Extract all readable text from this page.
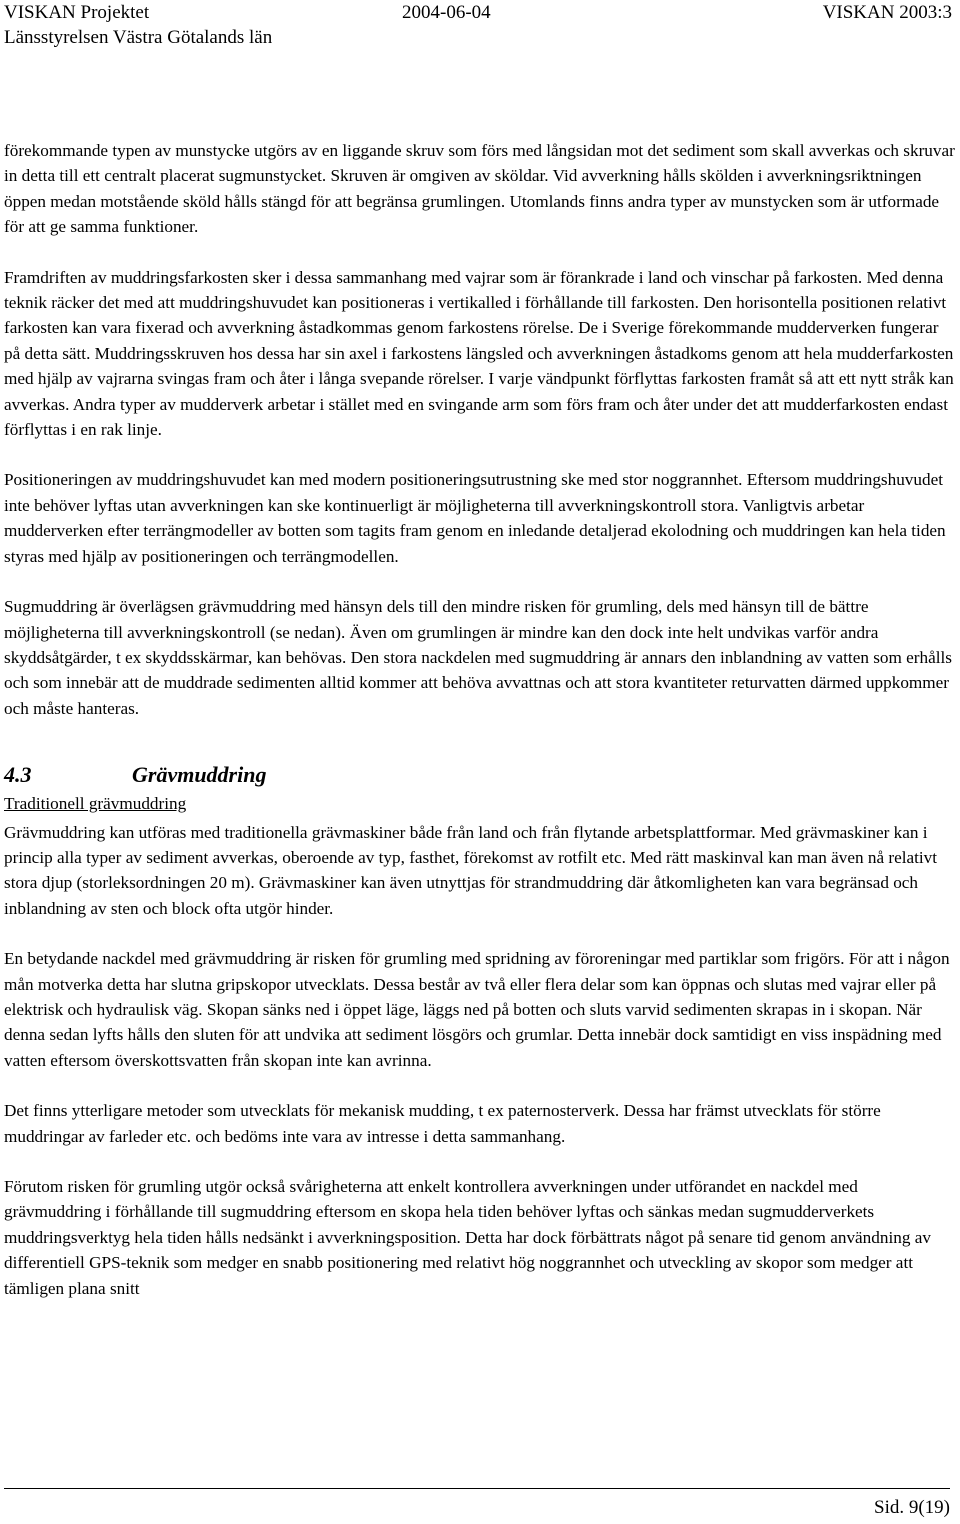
VISKAN Projektet	VISKAN 2003:3
2004-06-04
Länsstyrelsen Västra Götalands län

förekommande typen av munstycke utgörs av en liggande skruv som förs med långsidan mot det sediment som skall avverkas och skruvar in detta till ett centralt placerat sugmunstycket. Skruven är omgiven av sköldar. Vid avverkning hålls skölden i avverkningsriktningen öppen medan motstående sköld hålls stängd för att begränsa grumlingen. Utomlands finns andra typer av munstycken som är utformade för att ge samma funktioner.

Framdriften av muddringsfarkosten sker i dessa sammanhang med vajrar som är förankrade i land och vinschar på farkosten. Med denna teknik räcker det med att muddringshuvudet kan positioneras i vertikalled i förhållande till farkosten. Den horisontella positionen relativt farkosten kan vara fixerad och avverkning åstadkommas genom farkostens rörelse. De i Sverige förekommande mudderverken fungerar på detta sätt. Muddringsskruven hos dessa har sin axel i farkostens längsled och avverkningen åstadkoms genom att hela mudderfarkosten med hjälp av vajrarna svingas fram och åter i långa svepande rörelser. I varje vändpunkt förflyttas farkosten framåt så att ett nytt stråk kan avverkas. Andra typer av mudderverk arbetar i stället med en svingande arm som förs fram och åter under det att mudderfarkosten endast förflyttas i en rak linje.

Positioneringen av muddringshuvudet kan med modern positioneringsutrustning ske med stor noggrannhet. Eftersom muddringshuvudet inte behöver lyftas utan avverkningen kan ske kontinuerligt är möjligheterna till avverkningskontroll stora. Vanligtvis arbetar mudderverken efter terrängmodeller av botten som tagits fram genom en inledande detaljerad ekolodning och muddringen kan hela tiden styras med hjälp av positioneringen och terrängmodellen.

Sugmuddring är överlägsen grävmuddring med hänsyn dels till den mindre risken för grumling, dels med hänsyn till de bättre möjligheterna till avverkningskontroll (se nedan). Även om grumlingen är mindre kan den dock inte helt undvikas varför andra skyddsåtgärder, t ex skyddsskärmar, kan behövas. Den stora nackdelen med sugmuddring är annars den inblandning av vatten som erhålls och som innebär att de muddrade sedimenten alltid kommer att behöva avvattnas och att stora kvantiteter returvatten därmed uppkommer och måste hanteras.

4.3	Grävmuddring

Traditionell grävmuddring

Grävmuddring kan utföras med traditionella grävmaskiner både från land och från flytande arbetsplattformar. Med grävmaskiner kan i princip alla typer av sediment avverkas, oberoende av typ, fasthet, förekomst av rotfilt etc. Med rätt maskinval kan man även nå relativt stora djup (storleksordningen 20 m). Grävmaskiner kan även utnyttjas för strandmuddring där åtkomligheten kan vara begränsad och inblandning av sten och block ofta utgör hinder.

En betydande nackdel med grävmuddring är risken för grumling med spridning av föroreningar med partiklar som frigörs. För att i någon mån motverka detta har slutna gripskopor utvecklats. Dessa består av två eller flera delar som kan öppnas och slutas med vajrar eller på elektrisk och hydraulisk väg. Skopan sänks ned i öppet läge, läggs ned på botten och sluts varvid sedimenten skrapas in i skopan. När denna sedan lyfts hålls den sluten för att undvika att sediment lösgörs och grumlar. Detta innebär dock samtidigt en viss inspädning med vatten eftersom överskottsvatten från skopan inte kan avrinna.

Det finns ytterligare metoder som utvecklats för mekanisk mudding, t ex paternosterverk. Dessa har främst utvecklats för större muddringar av farleder etc. och bedöms inte vara av intresse i detta sammanhang.

Förutom risken för grumling utgör också svårigheterna att enkelt kontrollera avverkningen under utförandet en nackdel med grävmuddring i förhållande till sugmuddring eftersom en skopa hela tiden behöver lyftas och sänkas medan sugmudderverkets muddringsverktyg hela tiden hålls nedsänkt i avverkningsposition. Detta har dock förbättrats något på senare tid genom användning av differentiell GPS-teknik som medger en snabb positionering med relativt hög noggrannhet och utveckling av skopor som medger att tämligen plana snitt

Sid. 9(19)
